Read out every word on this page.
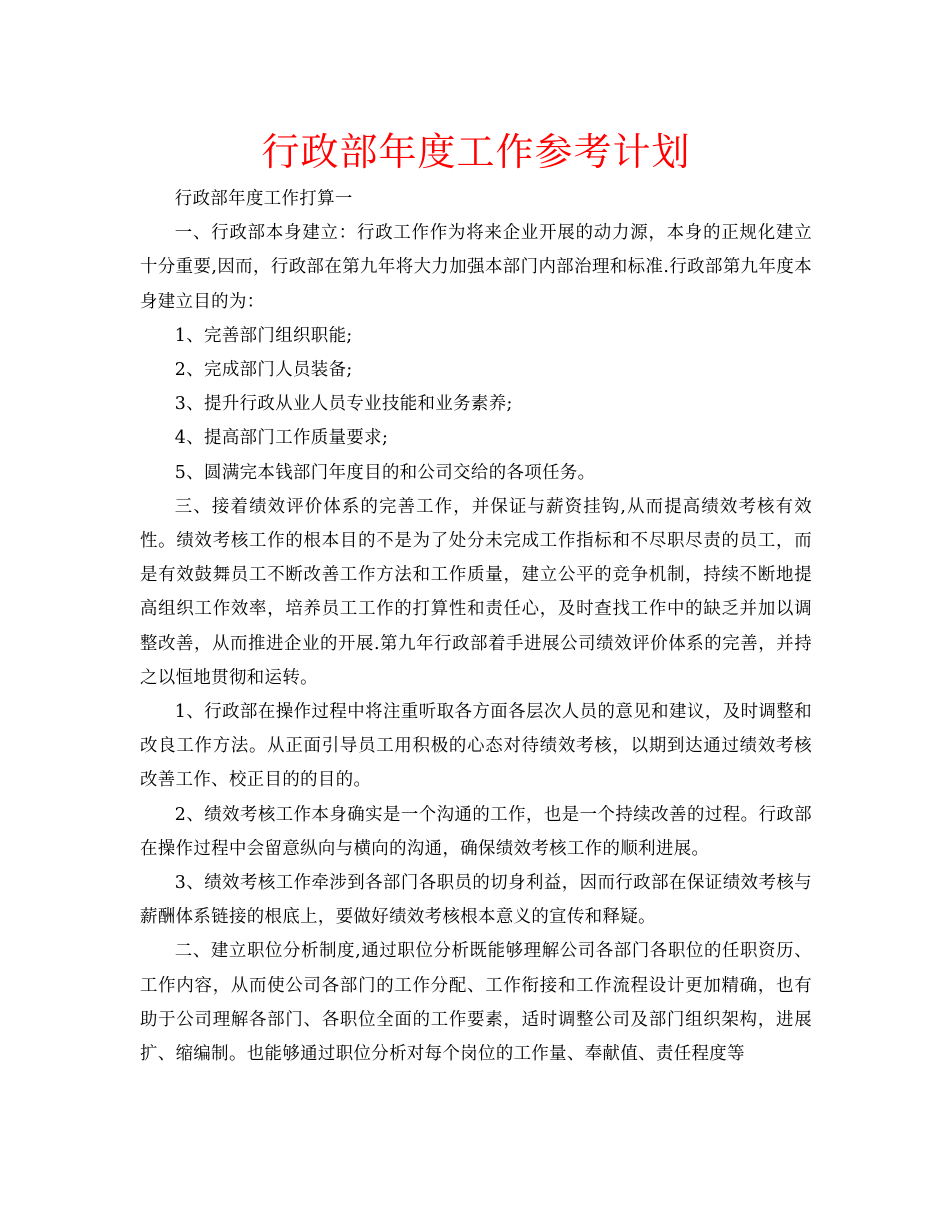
行政部年度工作参考计划

行政部年度工作打算一

一、行政部本身建立：行政工作作为将来企业开展的动力源，本身的正规化建立十分重要,因而，行政部在第九年将大力加强本部门内部治理和标准.行政部第九年度本身建立目的为：

1、完善部门组织职能;

2、完成部门人员装备;

3、提升行政从业人员专业技能和业务素养;

4、提高部门工作质量要求;

5、圆满完本钱部门年度目的和公司交给的各项任务。

三、接着绩效评价体系的完善工作，并保证与薪资挂钩,从而提高绩效考核有效性。绩效考核工作的根本目的不是为了处分未完成工作指标和不尽职尽责的员工，而是有效鼓舞员工不断改善工作方法和工作质量，建立公平的竞争机制，持续不断地提高组织工作效率，培养员工工作的打算性和责任心，及时查找工作中的缺乏并加以调整改善，从而推进企业的开展.第九年行政部着手进展公司绩效评价体系的完善，并持之以恒地贯彻和运转。

1、行政部在操作过程中将注重听取各方面各层次人员的意见和建议，及时调整和改良工作方法。从正面引导员工用积极的心态对待绩效考核，以期到达通过绩效考核改善工作、校正目的的目的。

2、绩效考核工作本身确实是一个沟通的工作，也是一个持续改善的过程。行政部在操作过程中会留意纵向与横向的沟通，确保绩效考核工作的顺利进展。

3、绩效考核工作牵涉到各部门各职员的切身利益，因而行政部在保证绩效考核与薪酬体系链接的根底上，要做好绩效考核根本意义的宣传和释疑。

二、建立职位分析制度,通过职位分析既能够理解公司各部门各职位的任职资历、工作内容，从而使公司各部门的工作分配、工作衔接和工作流程设计更加精确，也有助于公司理解各部门、各职位全面的工作要素，适时调整公司及部门组织架构，进展扩、缩编制。也能够通过职位分析对每个岗位的工作量、奉献值、责任程度等
